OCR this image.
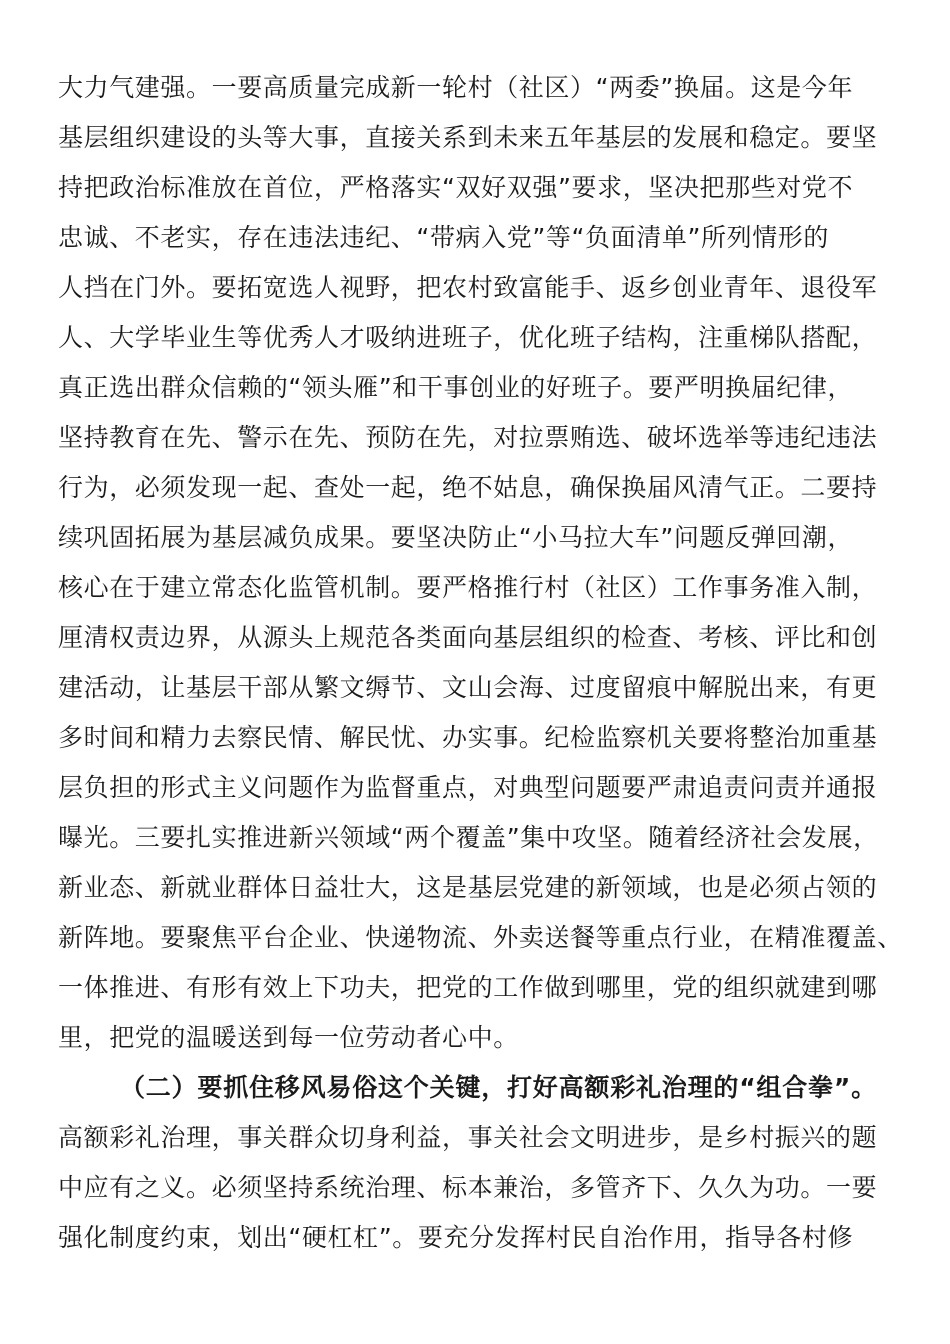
大力气建强。一要高质量完成新一轮村（社区）“两委”换届。这是今年
基层组织建设的头等大事，直接关系到未来五年基层的发展和稳定。要坚
持把政治标准放在首位，严格落实“双好双强”要求，坚决把那些对党不
忠诚、不老实，存在违法违纪、“带病入党”等“负面清单”所列情形的
人挡在门外。要拓宽选人视野，把农村致富能手、返乡创业青年、退役军
人、大学毕业生等优秀人才吸纳进班子，优化班子结构，注重梯队搭配，
真正选出群众信赖的“领头雁”和干事创业的好班子。要严明换届纪律，
坚持教育在先、警示在先、预防在先，对拉票贿选、破坏选举等违纪违法
行为，必须发现一起、查处一起，绝不姑息，确保换届风清气正。二要持
续巩固拓展为基层减负成果。要坚决防止“小马拉大车”问题反弹回潮，
核心在于建立常态化监管机制。要严格推行村（社区）工作事务准入制，
厘清权责边界，从源头上规范各类面向基层组织的检查、考核、评比和创
建活动，让基层干部从繁文缛节、文山会海、过度留痕中解脱出来，有更
多时间和精力去察民情、解民忧、办实事。纪检监察机关要将整治加重基
层负担的形式主义问题作为监督重点，对典型问题要严肃追责问责并通报
曝光。三要扎实推进新兴领域“两个覆盖”集中攻坚。随着经济社会发展，
新业态、新就业群体日益壮大，这是基层党建的新领域，也是必须占领的
新阵地。要聚焦平台企业、快递物流、外卖送餐等重点行业，在精准覆盖、
一体推进、有形有效上下功夫，把党的工作做到哪里，党的组织就建到哪
里，把党的温暖送到每一位劳动者心中。
（二）要抓住移风易俗这个关键，打好高额彩礼治理的“组合拳”。
高额彩礼治理，事关群众切身利益，事关社会文明进步，是乡村振兴的题
中应有之义。必须坚持系统治理、标本兼治，多管齐下、久久为功。一要
强化制度约束，划出“硬杠杠”。要充分发挥村民自治作用，指导各村修
